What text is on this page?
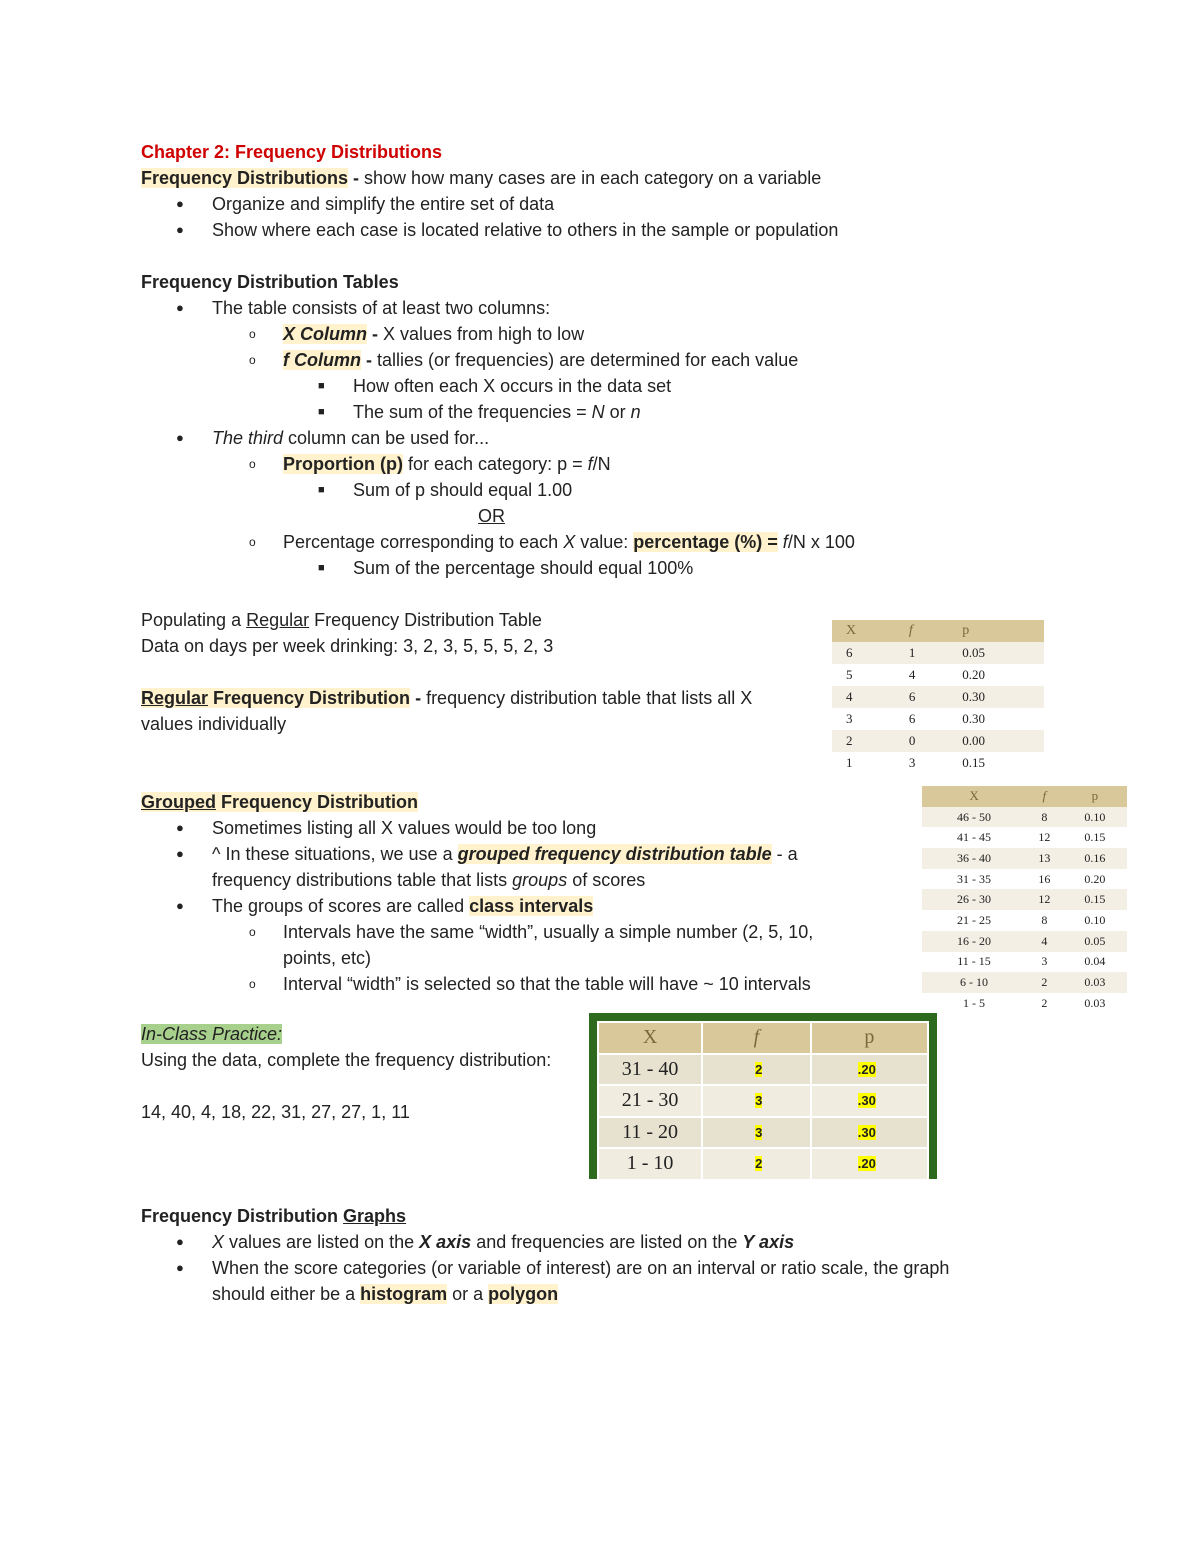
Chapter 2: Frequency Distributions
Frequency Distributions - show how many cases are in each category on a variable
● Organize and simplify the entire set of data
● Show where each case is located relative to others in the sample or population
Frequency Distribution Tables
● The table consists of at least two columns:
o X Column - X values from high to low
o f Column - tallies (or frequencies) are determined for each value
■ How often each X occurs in the data set
■ The sum of the frequencies = N or n
● The third column can be used for...
o Proportion (p) for each category: p = f/N
■ Sum of p should equal 1.00
OR
o Percentage corresponding to each X value: percentage (%) = f/N x 100
■ Sum of the percentage should equal 100%
Populating a Regular Frequency Distribution Table
Data on days per week drinking: 3, 2, 3, 5, 5, 5, 2, 3
Regular Frequency Distribution - frequency distribution table that lists all X
values individually
X	f	p
6	1	0.05
5	4	0.20
4	6	0.30
3	6	0.30
2	0	0.00
1	3	0.15
Grouped Frequency Distribution
● Sometimes listing all X values would be too long
● ^ In these situations, we use a grouped frequency distribution table - a
frequency distributions table that lists groups of scores
● The groups of scores are called class intervals
o Intervals have the same “width”, usually a simple number (2, 5, 10,
points, etc)
o Interval “width” is selected so that the table will have ~ 10 intervals
X	f	p
46 - 50	8	0.10
41 - 45	12	0.15
36 - 40	13	0.16
31 - 35	16	0.20
26 - 30	12	0.15
21 - 25	8	0.10
16 - 20	4	0.05
11 - 15	3	0.04
6 - 10	2	0.03
1 - 5	2	0.03
In-Class Practice:
Using the data, complete the frequency distribution:
14, 40, 4, 18, 22, 31, 27, 27, 1, 11
X	f	p
31 - 40	2	.20
21 - 30	3	.30
11 - 20	3	.30
1 - 10	2	.20
Frequency Distribution Graphs
● X values are listed on the X axis and frequencies are listed on the Y axis
● When the score categories (or variable of interest) are on an interval or ratio scale, the graph
should either be a histogram or a polygon
